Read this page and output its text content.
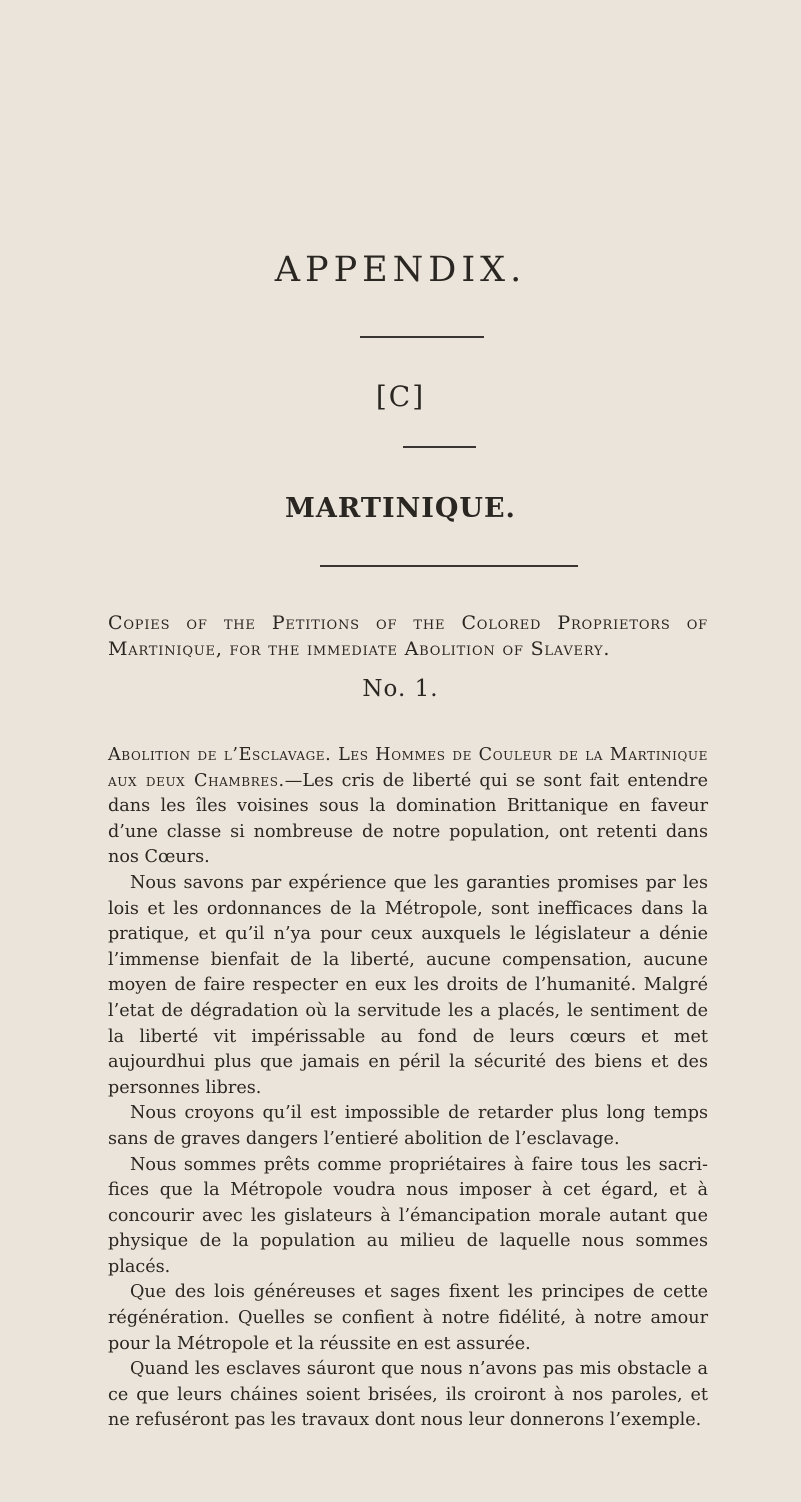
APPENDIX.
[C]
MARTINIQUE.

Copies of the Petitions of the Colored Proprietors of Martinique, for the immediate Abolition of Slavery.

No. 1.

Abolition de l’Esclavage. Les Hommes de Couleur de la Martinique aux deux Chambres.—Les cris de liberté qui se sont fait entendre dans les îles voisines sous la domination Brittanique en faveur d’une classe si nombreuse de notre population, ont retenti dans nos Cœurs.

Nous savons par expérience que les garanties promises par les lois et les ordonnances de la Métropole, sont inefficaces dans la pratique, et qu’il n’ya pour ceux auxquels le législateur a dénie l’immense bienfait de la liberté, aucune compensation, aucune moyen de faire respecter en eux les droits de l’humanité. Malgré l’etat de dégradation où la servitude les a placés, le sentiment de la liberté vit impérissable au fond de leurs cœurs et met aujourdhui plus que jamais en péril la sécurité des biens et des personnes libres.

Nous croyons qu’il est impossible de retarder plus long temps sans de graves dangers l’entieré abolition de l’esclavage.

Nous sommes prêts comme propriétaires à faire tous les sacri-fices que la Métropole voudra nous imposer à cet égard, et à concourir avec les gislateurs à l’émancipation morale autant que physique de la population au milieu de laquelle nous sommes placés.

Que des lois généreuses et sages fixent les principes de cette régénération. Quelles se confient à notre fidélité, à notre amour pour la Métropole et la réussite en est assurée.

Quand les esclaves sáuront que nous n’avons pas mis obstacle a ce que leurs cháines soient brisées, ils croiront à nos paroles, et ne refuséront pas les travaux dont nous leur donnerons l’exemple.
